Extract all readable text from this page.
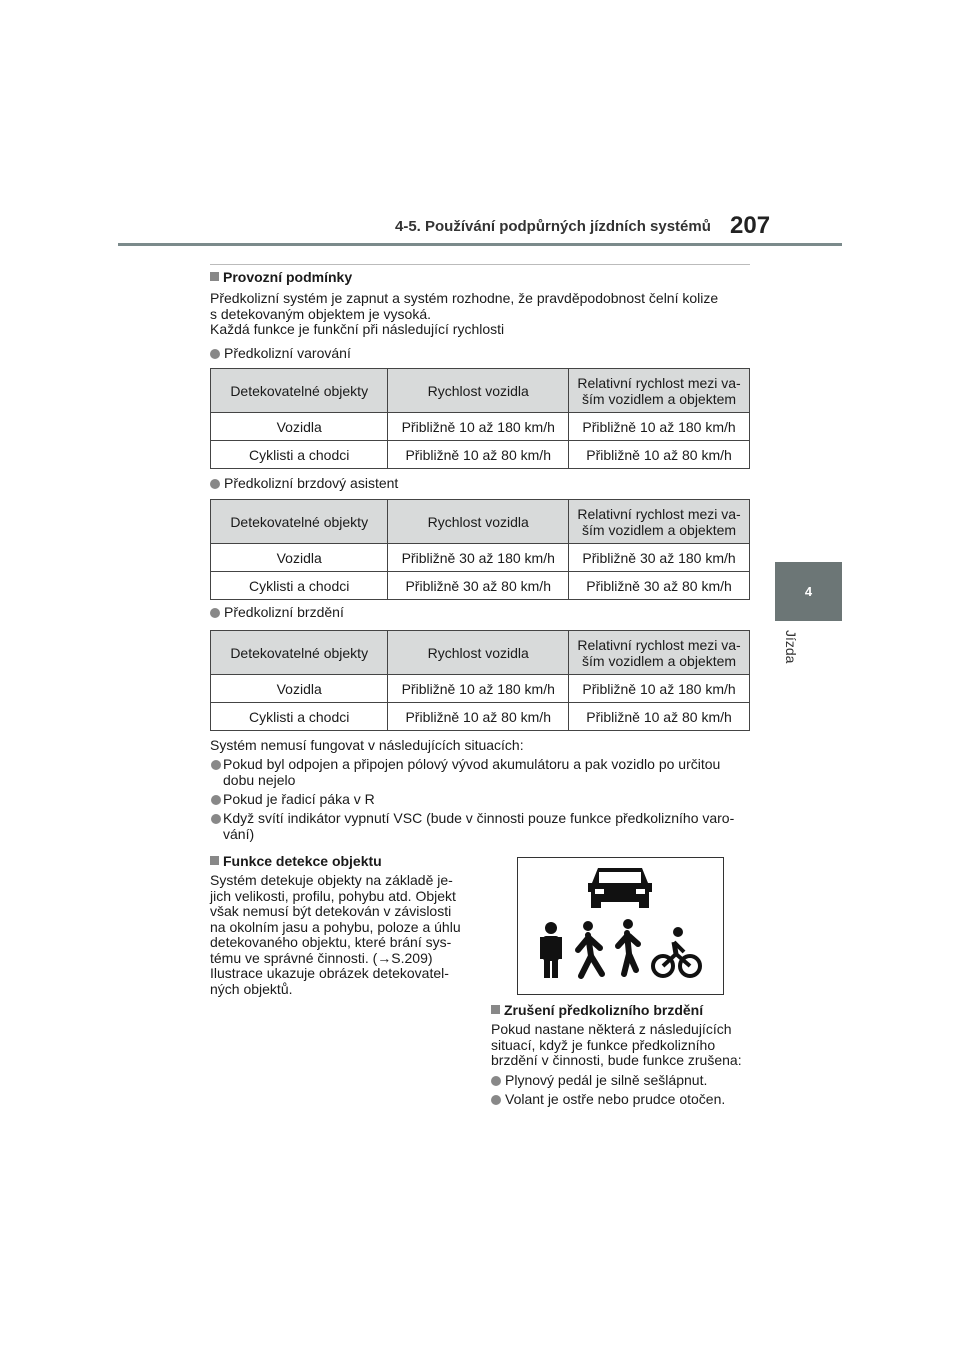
4-5. Používání podpůrných jízdních systémů 207
4
Jízda
Provozní podmínky
Předkolizní systém je zapnut a systém rozhodne, že pravděpodobnost čelní kolize
s detekovaným objektem je vysoká.
Každá funkce je funkční při následující rychlosti
Předkolizní varování
Detekovatelné objekty	Rychlost vozidla	Relativní rychlost mezi va-
ším vozidlem a objektem

Vozidla	Přibližně 10 až 180 km/h	Přibližně 10 až 180 km/h
Cyklisti a chodci	Přibližně 10 až 80 km/h	Přibližně 10 až 80 km/h
Předkolizní brzdový asistent
Detekovatelné objekty	Rychlost vozidla	Relativní rychlost mezi va-
ším vozidlem a objektem

Vozidla	Přibližně 30 až 180 km/h	Přibližně 30 až 180 km/h
Cyklisti a chodci	Přibližně 30 až 80 km/h	Přibližně 30 až 80 km/h
Předkolizní brzdění
Detekovatelné objekty	Rychlost vozidla	Relativní rychlost mezi va-
ším vozidlem a objektem

Vozidla	Přibližně 10 až 180 km/h	Přibližně 10 až 180 km/h
Cyklisti a chodci	Přibližně 10 až 80 km/h	Přibližně 10 až 80 km/h
Systém nemusí fungovat v následujících situacích:
Pokud byl odpojen a připojen pólový vývod akumulátoru a pak vozidlo po určitou
dobu nejelo
Pokud je řadicí páka v R
Když svítí indikátor vypnutí VSC (bude v činnosti pouze funkce předkolizního varo-
vání)
Funkce detekce objektu
Systém detekuje objekty na základě je-
jich velikosti, profilu, pohybu atd. Objekt
však nemusí být detekován v závislosti
na okolním jasu a pohybu, poloze a úhlu
detekovaného objektu, které brání sys-
tému ve správné činnosti. (→S.209)
Ilustrace ukazuje obrázek detekovatel-
ných objektů.
Zrušení předkolizního brzdění
Pokud nastane některá z následujících
situací, když je funkce předkolizního
brzdění v činnosti, bude funkce zrušena:
Plynový pedál je silně sešlápnut.
Volant je ostře nebo prudce otočen.
